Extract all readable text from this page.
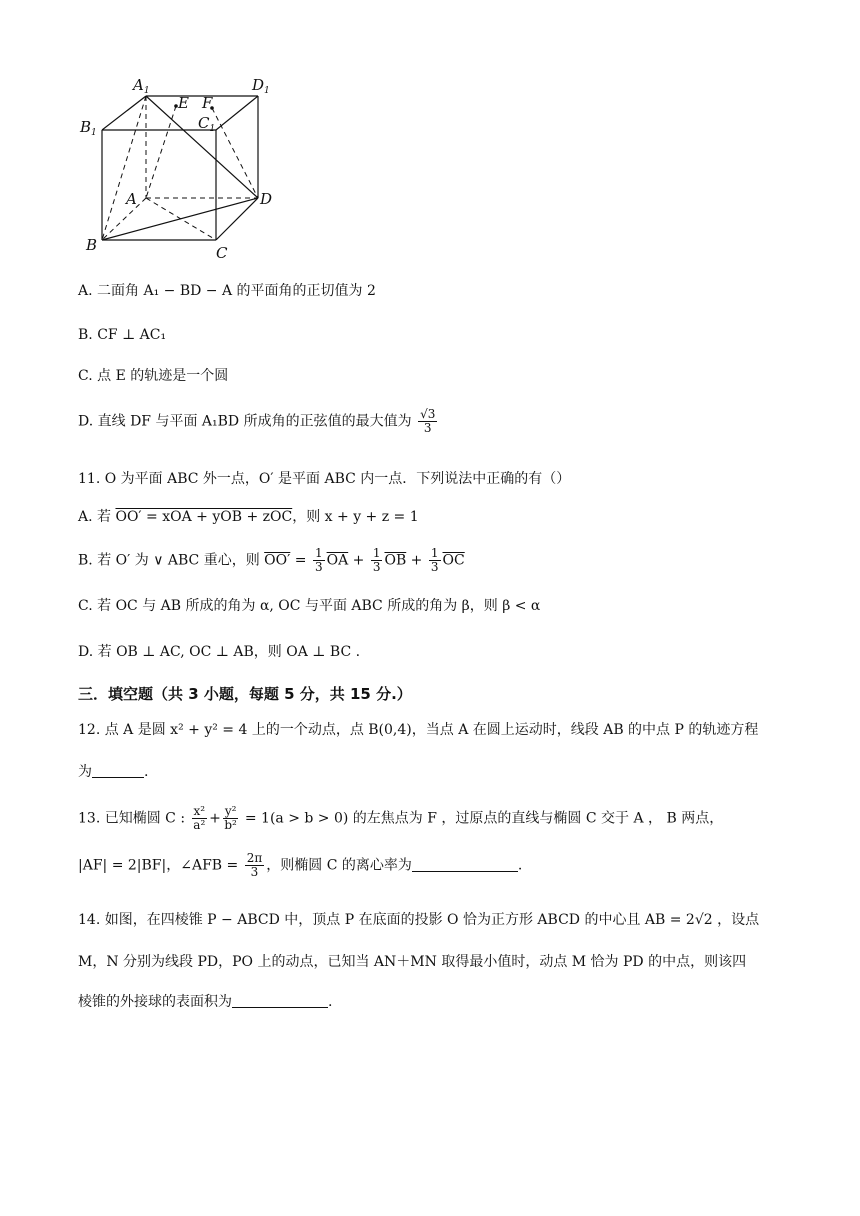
$A_1$	$D_1$
$B_1$
$C_1$
E F
A	D
B	C
A. 二面角 A₁ − BD − A 的平面角的正切值为 2
B. CF ⊥ AC₁
C. 点 E 的轨迹是一个圆
D. 直线 DF 与平面 A₁BD 所成角的正弦值的最大值为 $\frac{√3}{3}$
11. O 为平面 ABC 外一点，O′ 是平面 ABC 内一点．下列说法中正确的有（）
A. 若 OO′ = xOA + yOB + zOC，则 x + y + z = 1
B. 若 O′ 为 ∨ ABC 重心，则 $OO' = \frac{1}{3} \overline{OA} + \frac{1}{3} \overline{OB} + \frac{1}{3} \overline{OC}$
C. 若 OC 与 AB 所成的角为 α, OC 与平面 ABC 所成的角为 β，则 β < α
D. 若 OB ⊥ AC, OC ⊥ AB，则 OA ⊥ BC .
三．填空题（共 3 小题，每题 5 分，共 15 分.）
12. 点 A 是圆 x² + y² = 4 上的一个动点，点 B(0,4)，当点 A 在圆上运动时，线段 AB 的中点 P 的轨迹方程
为	.
13. 已知椭圆 C : $\frac{\text{x²}}{\text{a²}} + \frac{\text{y²}}{\text{b²}} = 1(a > b > 0)$ 的左焦点为 F ，过原点的直线与椭圆 C 交于 A ， B 两点，
|AF| = 2|BF|，∠AFB = $\frac{2\pi}{3}$ ，则椭圆 C 的离心率为	.
14. 如图，在四棱锥 P − ABCD 中，顶点 P 在底面的投影 O 恰为正方形 ABCD 的中心且 AB = 2√2 ，设点
M，N 分别为线段 PD，PO 上的动点，已知当 AN＋MN 取得最小值时，动点 M 恰为 PD 的中点，则该四
棱锥的外接球的表面积为	.
